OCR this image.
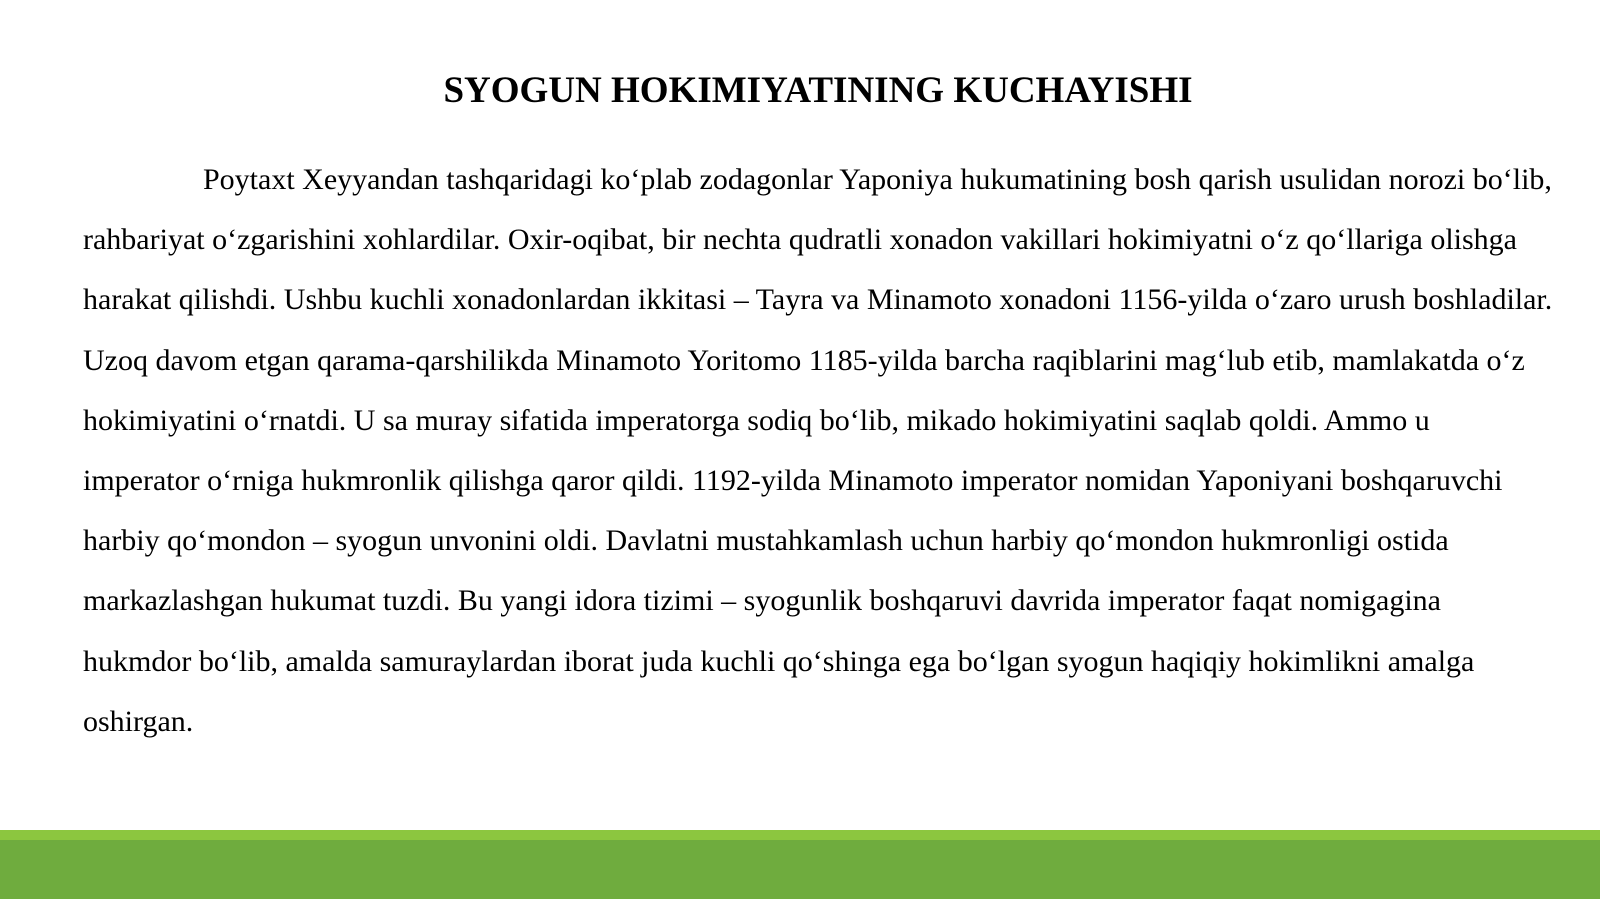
SYOGUN HOKIMIYATINING KUCHAYISHI

Poytaxt Xeyyandan tashqaridagi ko‘plab zodagonlar Yaponiya hukumatining bosh qarish usulidan norozi bo‘lib, rahbariyat o‘zgarishini xohlardilar. Oxir-oqibat, bir nechta qudratli xonadon vakillari hokimiyatni o‘z qo‘llariga olishga harakat qilishdi. Ushbu kuchli xonadonlardan ikkitasi – Tayra va Minamoto xonadoni 1156-yilda o‘zaro urush boshladilar. Uzoq davom etgan qarama-qarshilikda Minamoto Yoritomo 1185-yilda barcha raqiblarini mag‘lub etib, mamlakatda o‘z hokimiyatini o‘rnatdi. U sa muray sifatida imperatorga sodiq bo‘lib, mikado hokimiyatini saqlab qoldi. Ammo u imperator o‘rniga hukmronlik qilishga qaror qildi. 1192-yilda Minamoto imperator nomidan Yaponiyani boshqaruvchi harbiy qo‘mondon – syogun unvonini oldi. Davlatni mustahkamlash uchun harbiy qo‘mondon hukmronligi ostida markazlashgan hukumat tuzdi. Bu yangi idora tizimi – syogunlik boshqaruvi davrida imperator faqat nomigagina hukmdor bo‘lib, amalda samuraylardan iborat juda kuchli qo‘shinga ega bo‘lgan syogun haqiqiy hokimlikni amalga oshirgan.
